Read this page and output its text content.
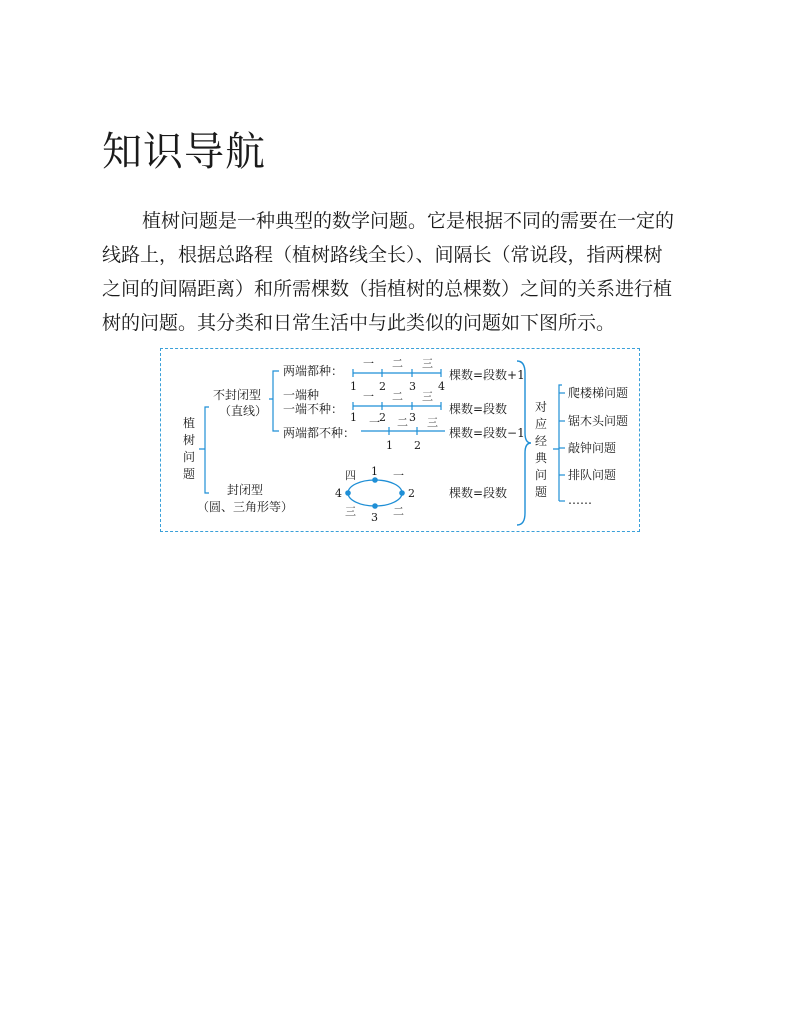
知识导航
植树问题是一种典型的数学问题。它是根据不同的需要在一定的
线路上，根据总路程（植树路线全长）、间隔长（常说段，指两棵树
之间的间隔距离）和所需棵数（指植树的总棵数）之间的关系进行植
树的问题。其分类和日常生活中与此类似的问题如下图所示。
植
树
问
题
不封闭型
（直线）
封闭型
（圆、三角形等）
两端都种：
一 二 三
1 2 3 4
棵数=段数+1
一端种
一端不种：
一 二 三
1 2 3
棵数=段数
两端都不种：
一 二 三
1 2
棵数=段数−1
1
2
3
4
一
二
三
四
棵数=段数
对
应
经
典
问
题
爬楼梯问题
锯木头问题
敲钟问题
排队问题
……
